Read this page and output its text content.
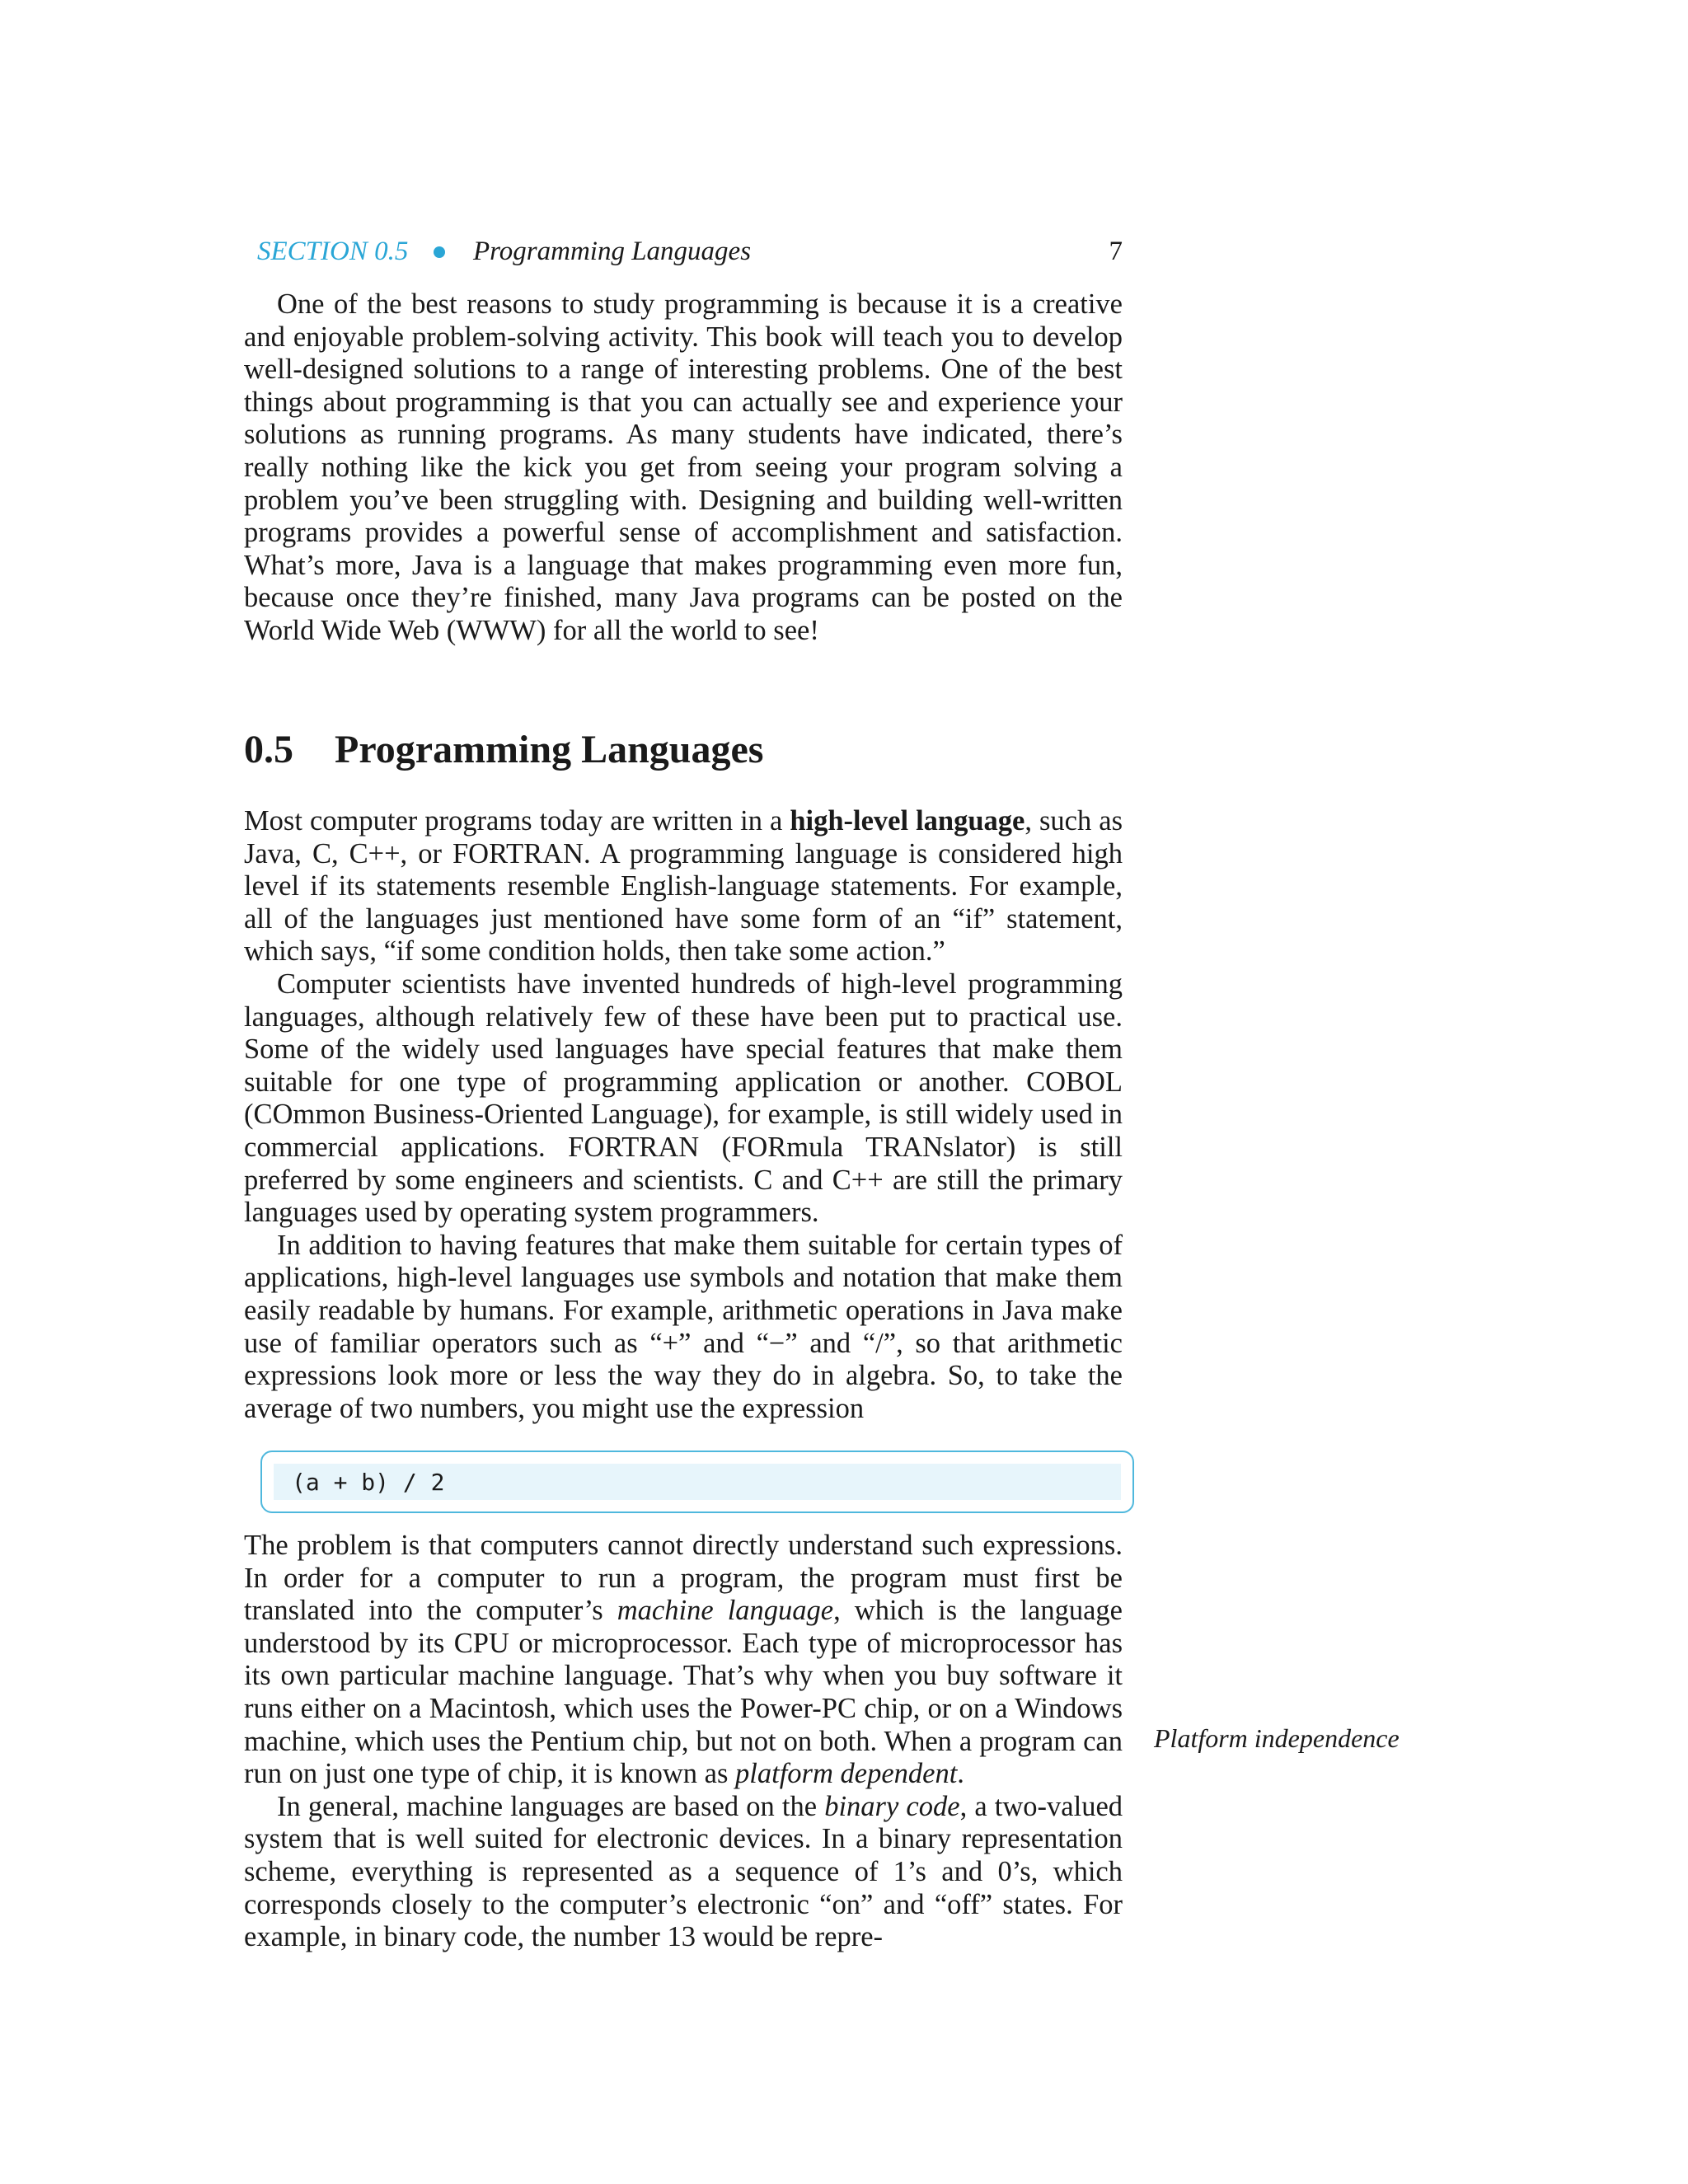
SECTION 0.5 Programming Languages	7

One of the best reasons to study programming is because it is a creative and enjoyable problem-solving activity. This book will teach you to develop well-designed solutions to a range of interesting problems. One of the best things about programming is that you can actually see and experience your solutions as running programs. As many students have indicated, there’s really nothing like the kick you get from seeing your program solving a problem you’ve been struggling with. Designing and building well-written programs provides a powerful sense of accomplishment and satisfaction. What’s more, Java is a language that makes programming even more fun, because once they’re finished, many Java programs can be posted on the World Wide Web (WWW) for all the world to see!

0.5 Programming Languages

Most computer programs today are written in a high-level language, such as Java, C, C++, or FORTRAN. A programming language is considered high level if its statements resemble English-language statements. For example, all of the languages just mentioned have some form of an “if” statement, which says, “if some condition holds, then take some action.”

Computer scientists have invented hundreds of high-level programming languages, although relatively few of these have been put to practical use. Some of the widely used languages have special features that make them suitable for one type of programming application or another. COBOL (COmmon Business-Oriented Language), for example, is still widely used in commercial applications. FORTRAN (FORmula TRANslator) is still preferred by some engineers and scientists. C and C++ are still the primary languages used by operating system programmers.

In addition to having features that make them suitable for certain types of applications, high-level languages use symbols and notation that make them easily readable by humans. For example, arithmetic operations in Java make use of familiar operators such as “+” and “−” and “/”, so that arithmetic expressions look more or less the way they do in algebra. So, to take the average of two numbers, you might use the expression

(a + b) / 2

The problem is that computers cannot directly understand such expressions. In order for a computer to run a program, the program must first be translated into the computer’s machine language, which is the language understood by its CPU or microprocessor. Each type of microprocessor has its own particular machine language. That’s why when you buy software it runs either on a Macintosh, which uses the Power-PC chip, or on a Windows machine, which uses the Pentium chip, but not on both. When a program can run on just one type of chip, it is known as platform dependent.

In general, machine languages are based on the binary code, a two-valued system that is well suited for electronic devices. In a binary representation scheme, everything is represented as a sequence of 1’s and 0’s, which corresponds closely to the computer’s electronic “on” and “off” states. For example, in binary code, the number 13 would be repre-

Platform independence
